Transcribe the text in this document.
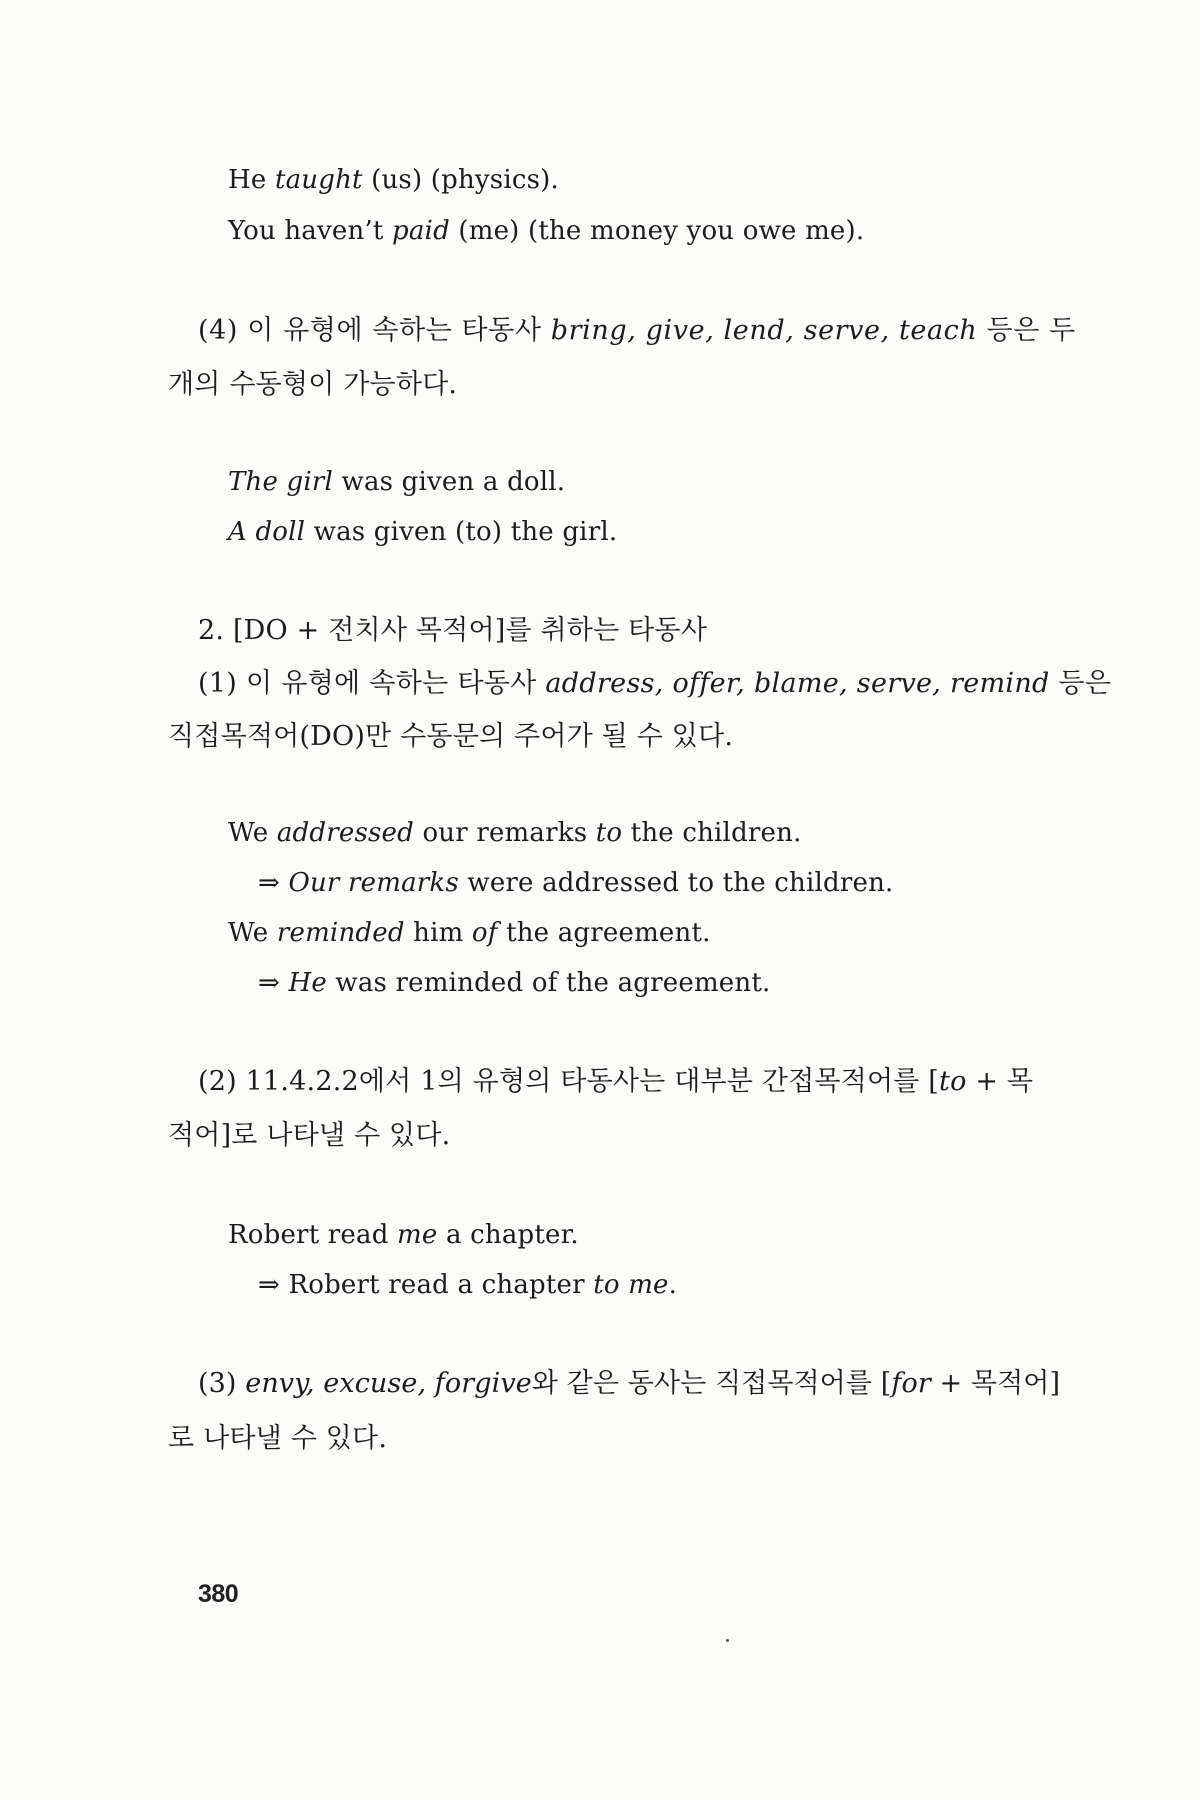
He taught (us) (physics).
You haven’t paid (me) (the money you owe me).
(4) 이 유형에 속하는 타동사 bring, give, lend, serve, teach 등은 두
개의 수동형이 가능하다.
The girl was given a doll.
A doll was given (to) the girl.
2. [DO + 전치사 목적어]를 취하는 타동사
(1) 이 유형에 속하는 타동사 address, offer, blame, serve, remind 등은
직접목적어(DO)만 수동문의 주어가 될 수 있다.
We addressed our remarks to the children.
⇒ Our remarks were addressed to the children.
We reminded him of the agreement.
⇒ He was reminded of the agreement.
(2) 11.4.2.2에서 1의 유형의 타동사는 대부분 간접목적어를 [to + 목
적어]로 나타낼 수 있다.
Robert read me a chapter.
⇒ Robert read a chapter to me.
(3) envy, excuse, forgive와 같은 동사는 직접목적어를 [for + 목적어]
로 나타낼 수 있다.
380
